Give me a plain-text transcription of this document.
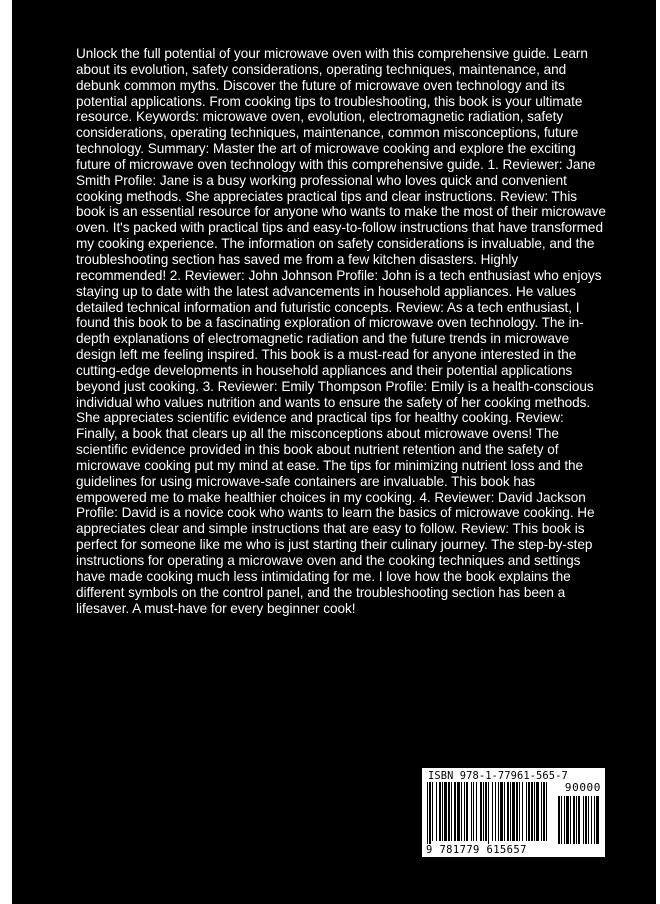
Unlock the full potential of your microwave oven with this comprehensive guide. Learn about its evolution, safety considerations, operating techniques, maintenance, and debunk common myths. Discover the future of microwave oven technology and its potential applications. From cooking tips to troubleshooting, this book is your ultimate resource. Keywords: microwave oven, evolution, electromagnetic radiation, safety considerations, operating techniques, maintenance, common misconceptions, future technology. Summary: Master the art of microwave cooking and explore the exciting future of microwave oven technology with this comprehensive guide. 1. Reviewer: Jane Smith Profile: Jane is a busy working professional who loves quick and convenient cooking methods. She appreciates practical tips and clear instructions. Review: This book is an essential resource for anyone who wants to make the most of their microwave oven. It's packed with practical tips and easy-to-follow instructions that have transformed my cooking experience. The information on safety considerations is invaluable, and the troubleshooting section has saved me from a few kitchen disasters. Highly recommended! 2. Reviewer: John Johnson Profile: John is a tech enthusiast who enjoys staying up to date with the latest advancements in household appliances. He values detailed technical information and futuristic concepts. Review: As a tech enthusiast, I found this book to be a fascinating exploration of microwave oven technology. The in-depth explanations of electromagnetic radiation and the future trends in microwave design left me feeling inspired. This book is a must-read for anyone interested in the cutting-edge developments in household appliances and their potential applications beyond just cooking. 3. Reviewer: Emily Thompson Profile: Emily is a health-conscious individual who values nutrition and wants to ensure the safety of her cooking methods. She appreciates scientific evidence and practical tips for healthy cooking. Review: Finally, a book that clears up all the misconceptions about microwave ovens! The scientific evidence provided in this book about nutrient retention and the safety of microwave cooking put my mind at ease. The tips for minimizing nutrient loss and the guidelines for using microwave-safe containers are invaluable. This book has empowered me to make healthier choices in my cooking. 4. Reviewer: David Jackson Profile: David is a novice cook who wants to learn the basics of microwave cooking. He appreciates clear and simple instructions that are easy to follow. Review: This book is perfect for someone like me who is just starting their culinary journey. The step-by-step instructions for operating a microwave oven and the cooking techniques and settings have made cooking much less intimidating for me. I love how the book explains the different symbols on the control panel, and the troubleshooting section has been a lifesaver. A must-have for every beginner cook!

ISBN 978-1-77961-565-7
90000
9 781779 615657
